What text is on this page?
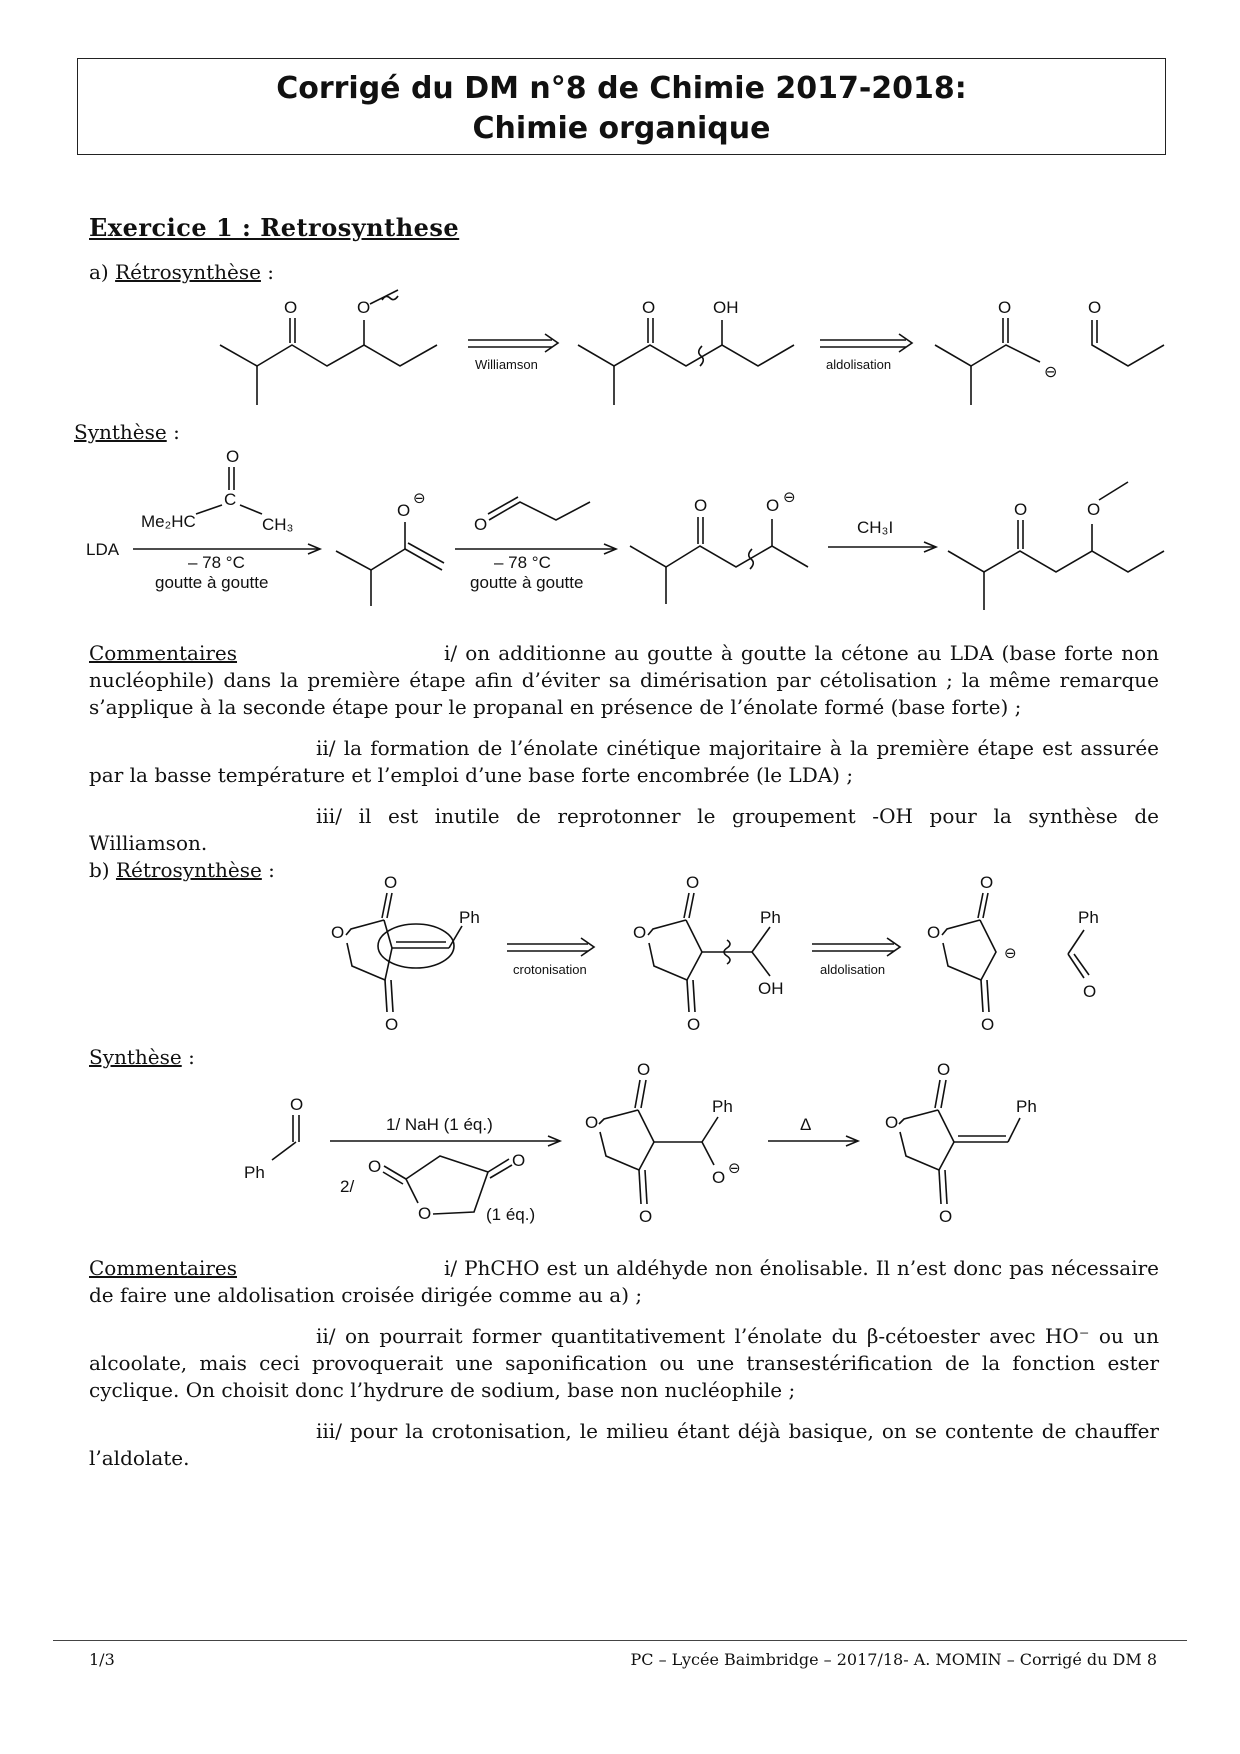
Corrigé du DM n°8 de Chimie 2017-2018:
Chimie organique
Exercice 1 : Retrosynthese
a) Rétrosynthèse :
O	O
Williamson
O	OH
aldolisation
O
⊖
O
Synthèse :
O
C
Me₂HC	CH₃
LDA
– 78 °C
goutte à goutte
O
⊖
O
– 78 °C
goutte à goutte
O	O ⊖
CH₃I
O	O
Commentaires	i/ on additionne au goutte à goutte la cétone au LDA (base forte non nucléophile) dans la première étape afin d’éviter sa dimérisation par cétolisation ; la même remarque s’applique à la seconde étape pour le propanal en présence de l’énolate formé (base forte) ;
ii/ la formation de l’énolate cinétique majoritaire à la première étape est assurée par la basse température et l’emploi d’une base forte encombrée (le LDA) ;
iii/ il est inutile de reprotonner le groupement -OH pour la synthèse de Williamson.
b) Rétrosynthèse :
O
O
O
Ph
crotonisation
O
O
O
Ph
OH
aldolisation
O
O
O
⊖
Ph
O
Synthèse :
O
Ph
1/ NaH (1 éq.)
2/
O	O
O	(1 éq.)
O
O
O
Ph
O ⊖
Δ
O
O
O
Ph
Commentaires	i/ PhCHO est un aldéhyde non énolisable. Il n’est donc pas nécessaire de faire une aldolisation croisée dirigée comme au a) ;
ii/ on pourrait former quantitativement l’énolate du β-cétoester avec HO⁻ ou un alcoolate, mais ceci provoquerait une saponification ou une transestérification de la fonction ester cyclique. On choisit donc l’hydrure de sodium, base non nucléophile ;
iii/ pour la crotonisation, le milieu étant déjà basique, on se contente de chauffer l’aldolate.
1/3	PC – Lycée Baimbridge – 2017/18- A. MOMIN – Corrigé du DM 8
